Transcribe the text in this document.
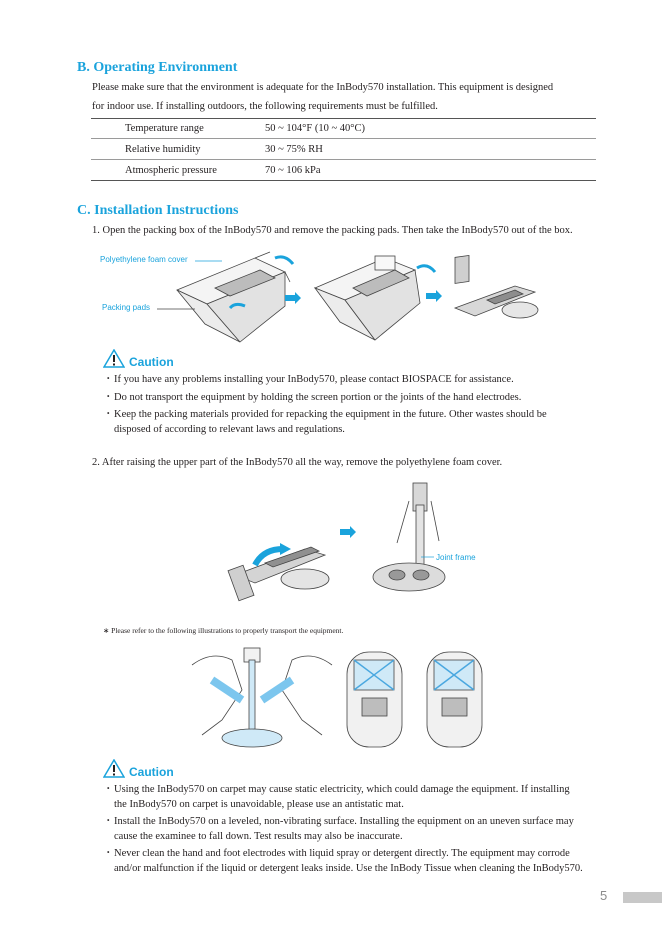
B. Operating Environment
Please make sure that the environment is adequate for the InBody570 installation. This equipment is designed
for indoor use. If installing outdoors, the following requirements must be fulfilled.
Temperature range	50 ~ 104°F (10 ~ 40°C)
Relative humidity	30 ~ 75% RH
Atmospheric pressure	70 ~ 106 kPa
C. Installation Instructions
1. Open the packing box of the InBody570 and remove the packing pads. Then take the InBody570 out of the box.
Polyethylene foam cover
Packing pads
Caution
・ If you have any problems installing your InBody570, please contact BIOSPACE for assistance.
・ Do not transport the equipment by holding the screen portion or the joints of the hand electrodes.
・ Keep the packing materials provided for repacking the equipment in the future. Other wastes should be
disposed of according to relevant laws and regulations.
2. After raising the upper part of the InBody570 all the way, remove the polyethylene foam cover.
Joint frame
∗ Please refer to the following illustrations to properly transport the equipment.
Caution
・ Using the InBody570 on carpet may cause static electricity, which could damage the equipment. If installing
the InBody570 on carpet is unavoidable, please use an antistatic mat.
・ Install the InBody570 on a leveled, non-vibrating surface. Installing the equipment on an uneven surface may
cause the examinee to fall down. Test results may also be inaccurate.
・ Never clean the hand and foot electrodes with liquid spray or detergent directly. The equipment may corrode
and/or malfunction if the liquid or detergent leaks inside. Use the InBody Tissue when cleaning the InBody570.
5
